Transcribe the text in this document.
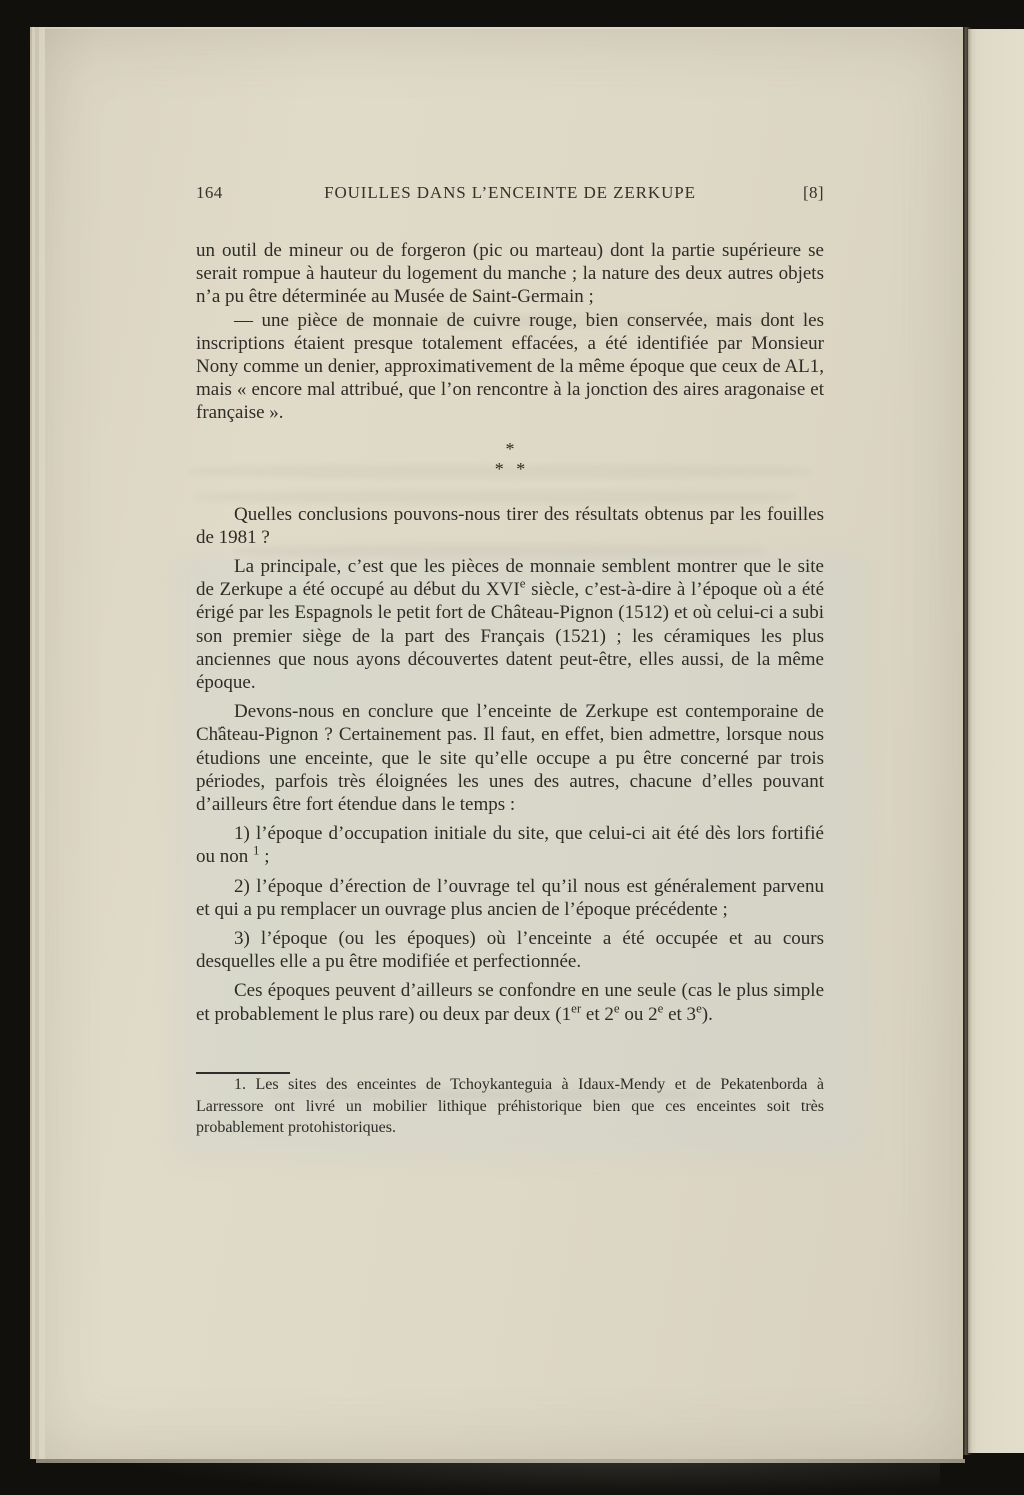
164	FOUILLES DANS L’ENCEINTE DE ZERKUPE	[8]

un outil de mineur ou de forgeron (pic ou marteau) dont la partie supérieure se serait rompue à hauteur du logement du manche ; la nature des deux autres objets n’a pu être déterminée au Musée de Saint-Germain ;

— une pièce de monnaie de cuivre rouge, bien conservée, mais dont les inscriptions étaient presque totalement effacées, a été identifiée par Monsieur Nony comme un denier, approximativement de la même époque que ceux de AL1, mais « encore mal attribué, que l’on rencontre à la jonction des aires aragonaise et française ».

*
* *

Quelles conclusions pouvons-nous tirer des résultats obtenus par les fouilles de 1981 ?

La principale, c’est que les pièces de monnaie semblent montrer que le site de Zerkupe a été occupé au début du XVIe siècle, c’est-à-dire à l’époque où a été érigé par les Espagnols le petit fort de Château-Pignon (1512) et où celui-ci a subi son premier siège de la part des Français (1521) ; les céramiques les plus anciennes que nous ayons découvertes datent peut-être, elles aussi, de la même époque.

Devons-nous en conclure que l’enceinte de Zerkupe est contemporaine de Château-Pignon ? Certainement pas. Il faut, en effet, bien admettre, lorsque nous étudions une enceinte, que le site qu’elle occupe a pu être concerné par trois périodes, parfois très éloignées les unes des autres, chacune d’elles pouvant d’ailleurs être fort étendue dans le temps :

1) l’époque d’occupation initiale du site, que celui-ci ait été dès lors fortifié ou non $^1$ ;

2) l’époque d’érection de l’ouvrage tel qu’il nous est généralement parvenu et qui a pu remplacer un ouvrage plus ancien de l’époque précédente ;

3) l’époque (ou les époques) où l’enceinte a été occupée et au cours desquelles elle a pu être modifiée et perfectionnée.

Ces époques peuvent d’ailleurs se confondre en une seule (cas le plus simple et probablement le plus rare) ou deux par deux (1er et 2e ou 2e et 3e).

1. Les sites des enceintes de Tchoykanteguia à Idaux-Mendy et de Pekatenborda à Larressore ont livré un mobilier lithique préhistorique bien que ces enceintes soit très probablement protohistoriques.
